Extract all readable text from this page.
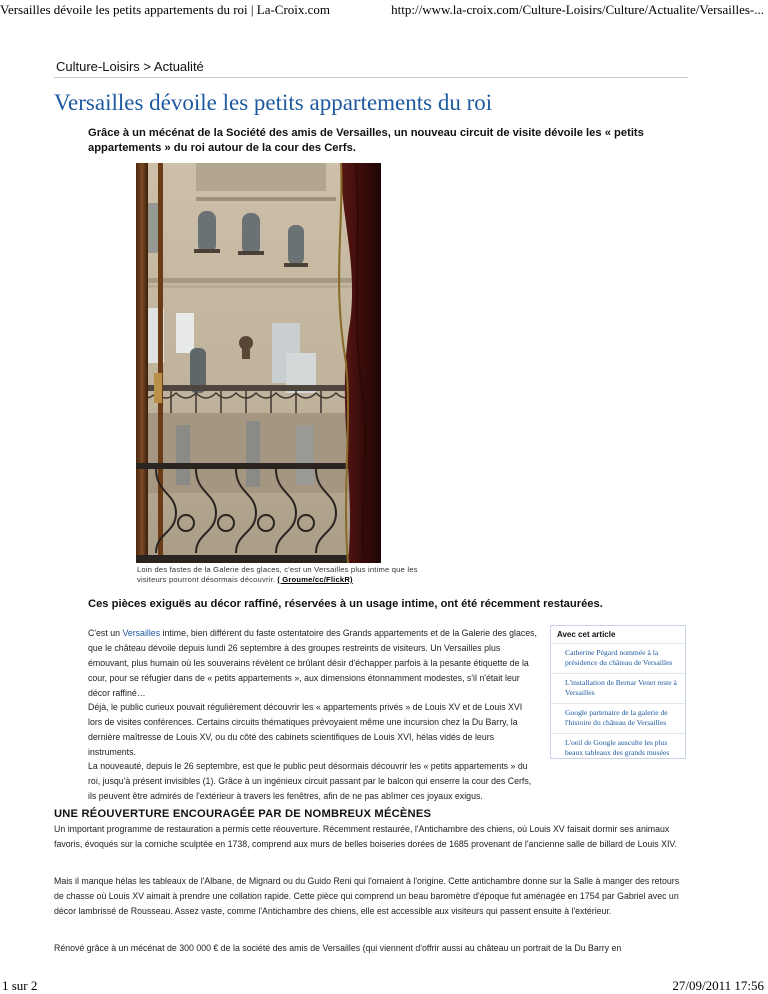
Versailles dévoile les petits appartements du roi | La-Croix.com	http://www.la-croix.com/Culture-Loisirs/Culture/Actualite/Versailles-...
Culture-Loisirs > Actualité
Versailles dévoile les petits appartements du roi

Grâce à un mécénat de la Société des amis de Versailles, un nouveau circuit de visite dévoile les « petits appartements » du roi autour de la cour des Cerfs.

Loin des fastes de la Galerie des glaces, c'est un Versailles plus intime que les visiteurs pourront désormais découvrir. ( Groume/cc/FlickR)

Ces pièces exiguës au décor raffiné, réservées à un usage intime, ont été récemment restaurées.

C'est un Versailles intime, bien différent du faste ostentatoire des Grands appartements et de la Galerie des glaces, que le château dévoile depuis lundi 26 septembre à des groupes restreints de visiteurs. Un Versailles plus émouvant, plus humain où les souverains révèlent ce brûlant désir d'échapper parfois à la pesante étiquette de la cour, pour se réfugier dans de « petits appartements », aux dimensions étonnamment modestes, s'il n'était leur décor raffiné…

Déjà, le public curieux pouvait régulièrement découvrir les « appartements privés » de Louis XV et de Louis XVI lors de visites conférences. Certains circuits thématiques prévoyaient même une incursion chez la Du Barry, la dernière maîtresse de Louis XV, ou du côté des cabinets scientifiques de Louis XVI, hélas vidés de leurs instruments.

La nouveauté, depuis le 26 septembre, est que le public peut désormais découvrir les « petits appartements » du roi, jusqu'à présent invisibles (1). Grâce à un ingénieux circuit passant par le balcon qui enserre la cour des Cerfs, ils peuvent être admirés de l'extérieur à travers les fenêtres, afin de ne pas abîmer ces joyaux exigus.

Avec cet article
Catherine Pégard nommée à la présidence du château de Versailles
L'installation de Bernar Venet reste à Versailles
Google partenaire de la galerie de l'histoire du château de Versailles
L'oeil de Google ausculte les plus beaux tableaux des grands musées
UNE RÉOUVERTURE ENCOURAGÉE PAR DE NOMBREUX MÉCÈNES

Un important programme de restauration a permis cette réouverture. Récemment restaurée, l'Antichambre des chiens, où Louis XV faisait dormir ses animaux favoris, évoqués sur la corniche sculptée en 1738, comprend aux murs de belles boiseries dorées de 1685 provenant de l'ancienne salle de billard de Louis XIV.

Mais il manque hélas les tableaux de l'Albane, de Mignard ou du Guido Reni qui l'ornaient à l'origine. Cette antichambre donne sur la Salle à manger des retours de chasse où Louis XV aimait à prendre une collation rapide. Cette pièce qui comprend un beau baromètre d'époque fut aménagée en 1754 par Gabriel avec un décor lambrissé de Rousseau. Assez vaste, comme l'Antichambre des chiens, elle est accessible aux visiteurs qui passent ensuite à l'extérieur.

Rénové grâce à un mécénat de 300 000 € de la société des amis de Versailles (qui viennent d'offrir aussi au château un portrait de la Du Barry en

1 sur 2	27/09/2011 17:56
